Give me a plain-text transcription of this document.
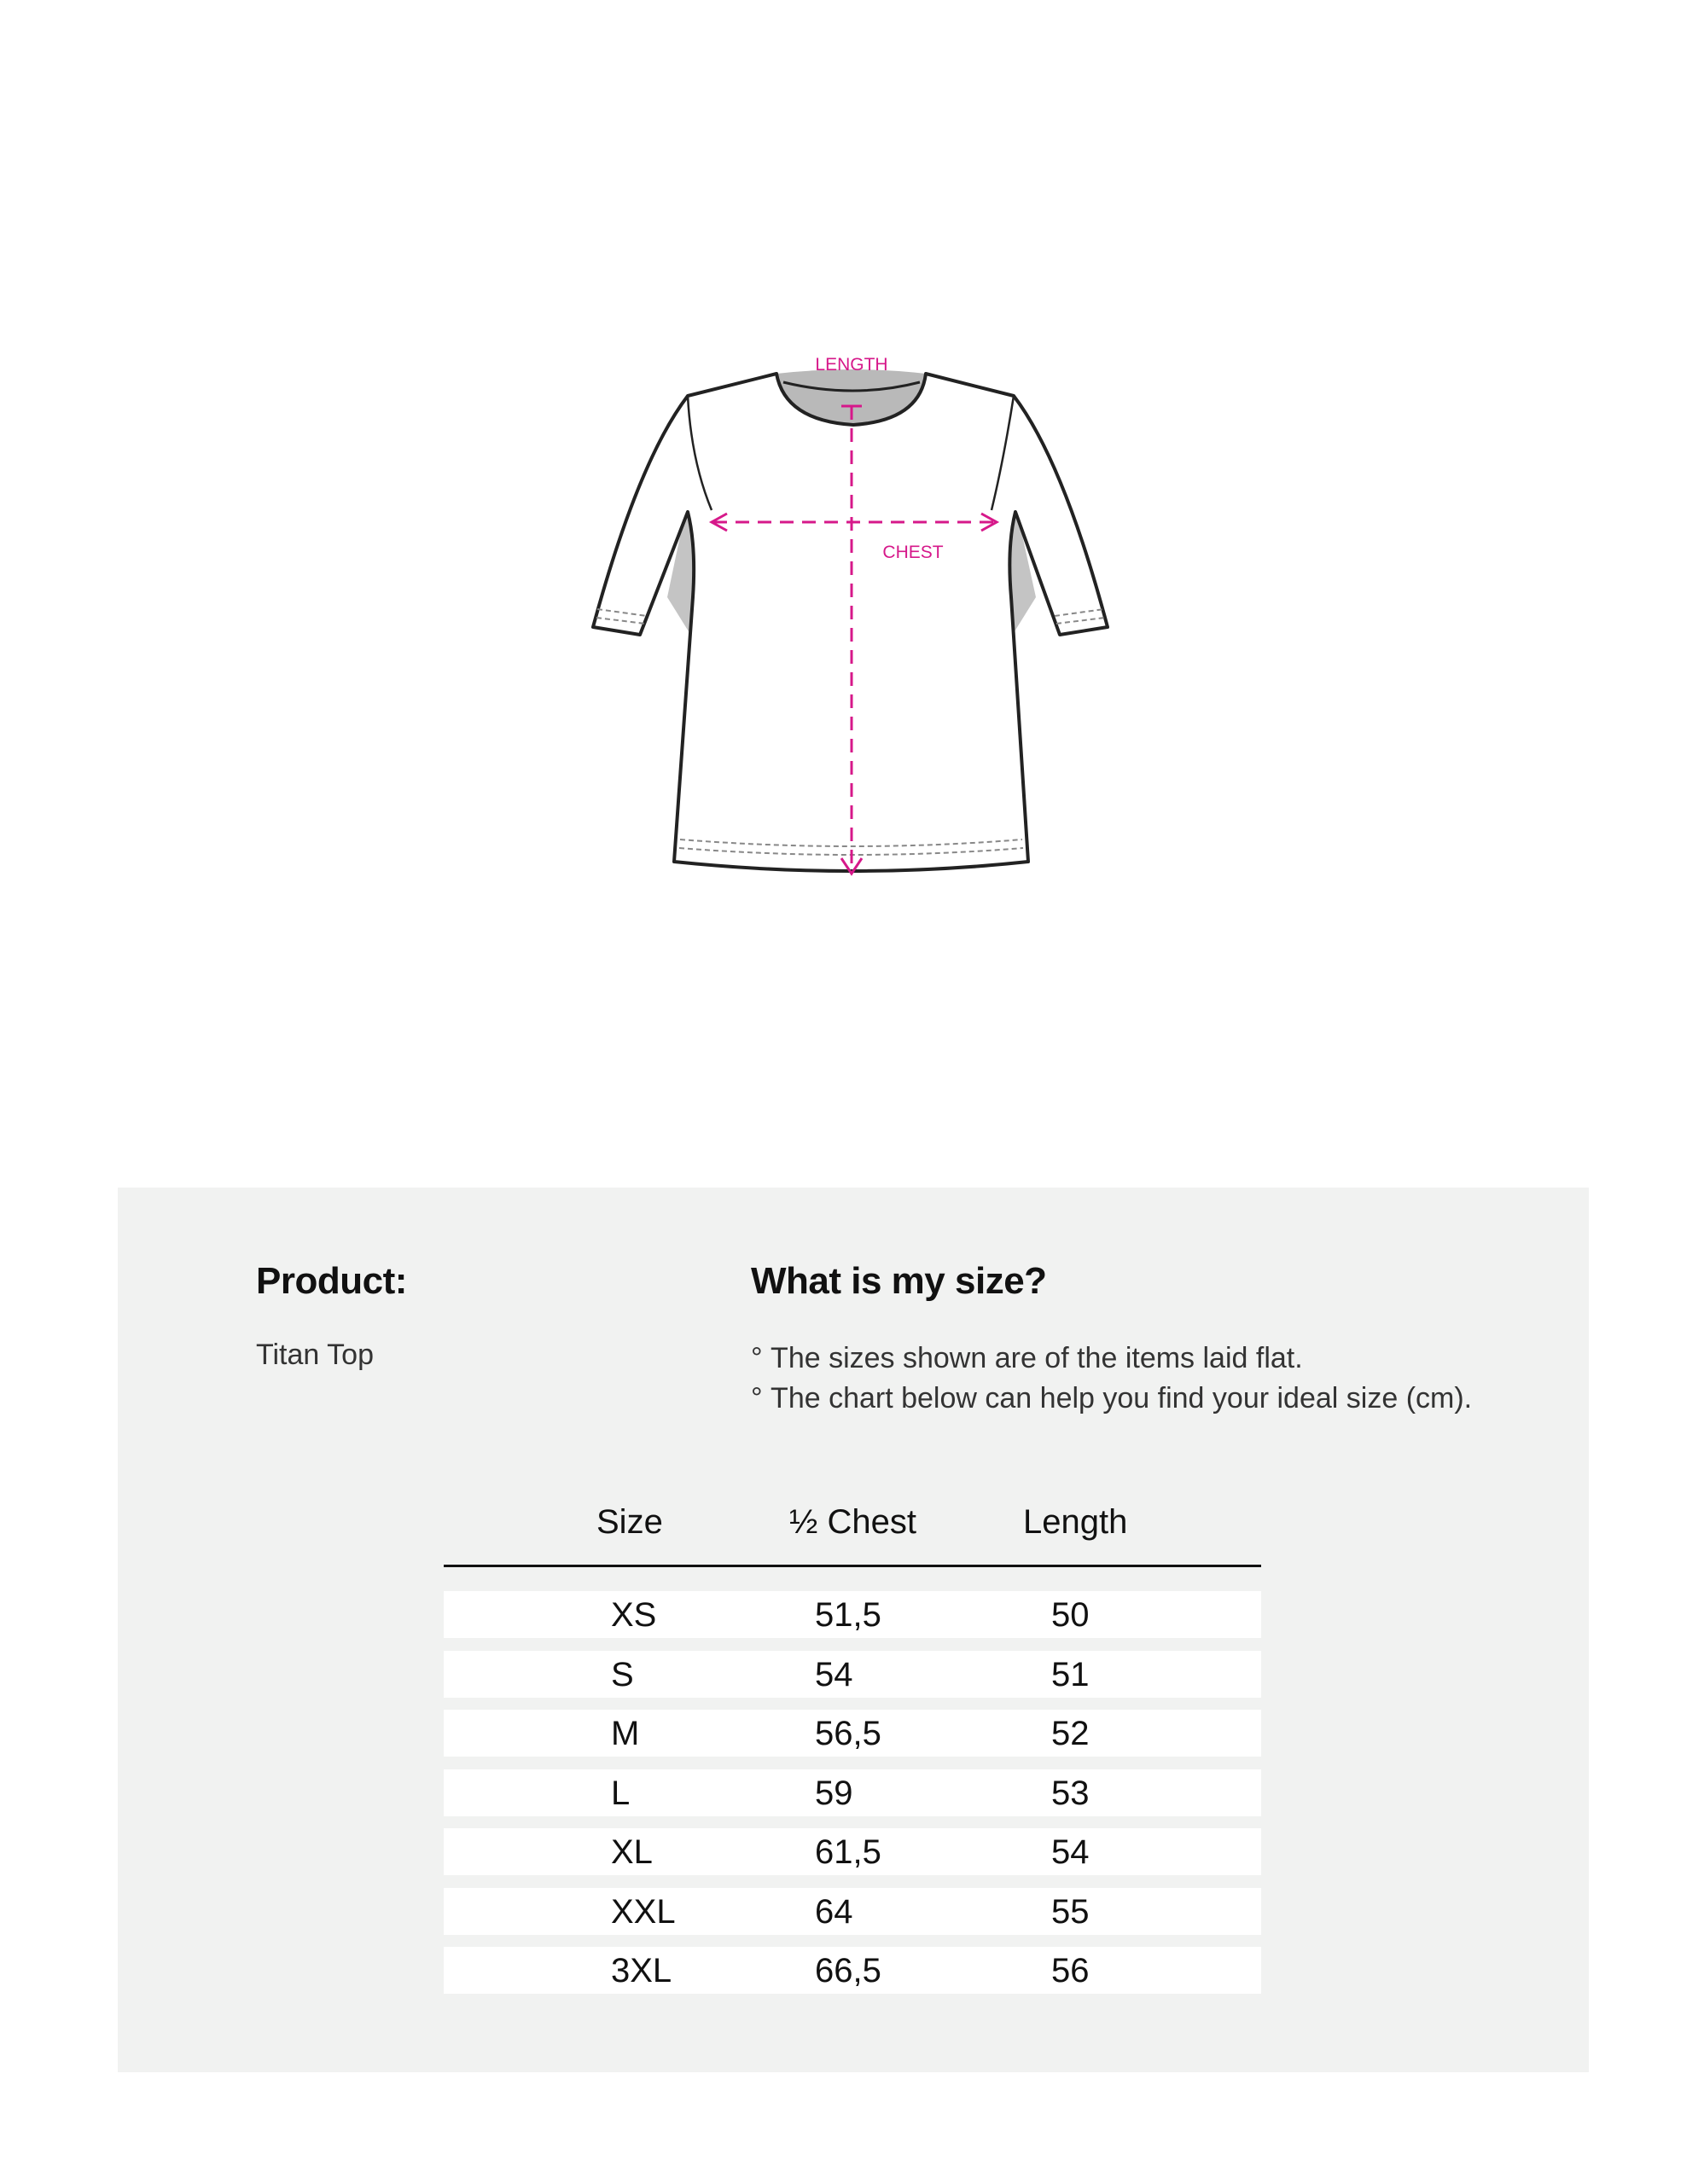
LENGTH
CHEST
Product:
Titan Top
What is my size?
° The sizes shown are of the items laid flat.
° The chart below can help you find your ideal size (cm).
Size	½ Chest	Length
XS	51,5	50
S	54	51
M	56,5	52
L	59	53
XL	61,5	54
XXL	64	55
3XL	66,5	56
